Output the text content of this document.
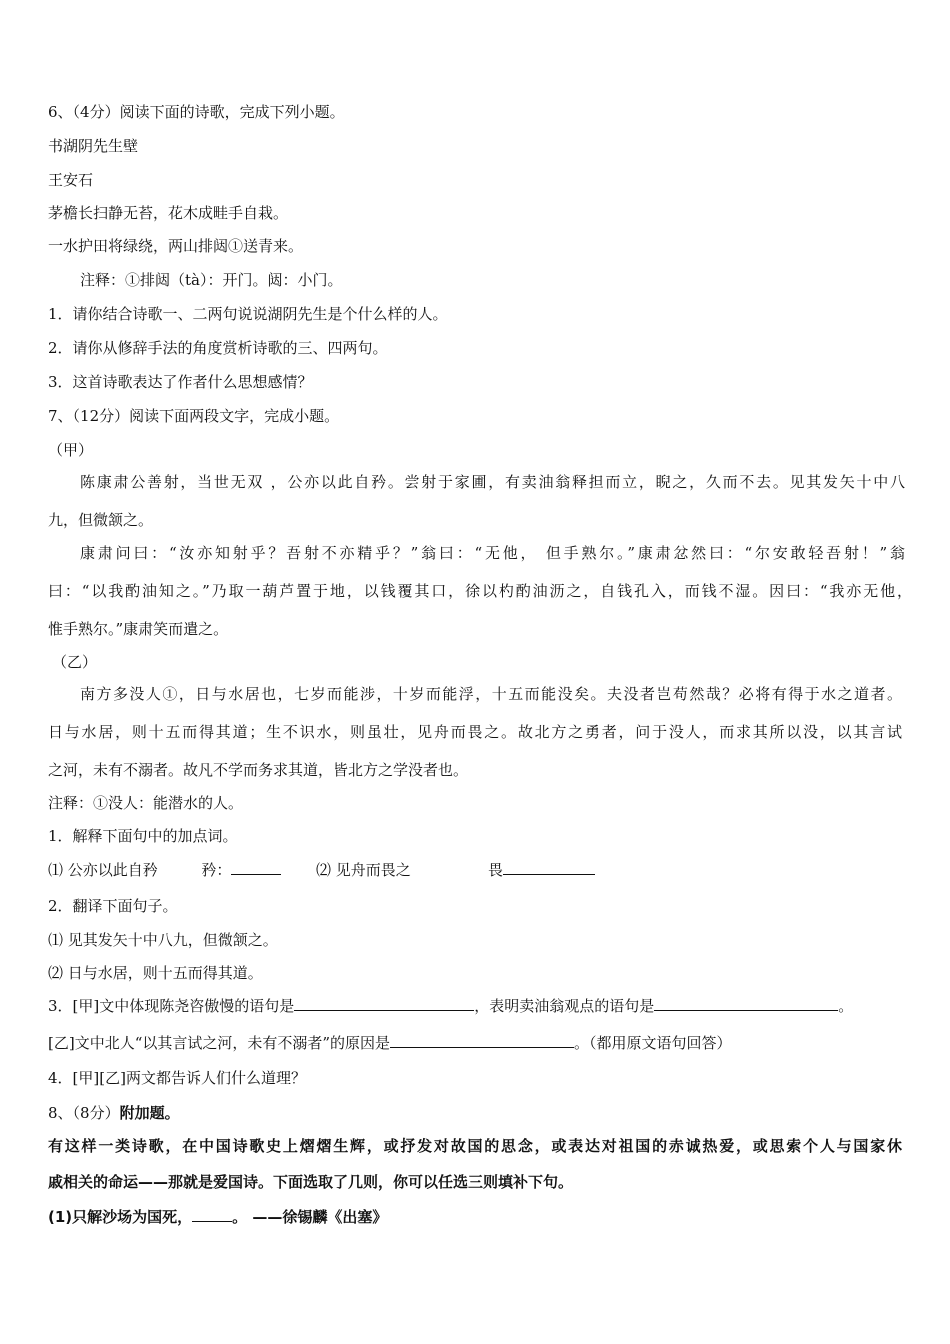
6、（4分）阅读下面的诗歌，完成下列小题。
书湖阴先生壁
王安石
茅檐长扫静无苔，花木成畦手自栽。
一水护田将绿绕，两山排闼①送青来。
注释：①排闼（tà）：开门。闼：小门。
1．请你结合诗歌一、二两句说说湖阴先生是个什么样的人。
2．请你从修辞手法的角度赏析诗歌的三、四两句。
3．这首诗歌表达了作者什么思想感情？
7、（12分）阅读下面两段文字，完成小题。
（甲）
陈康肃公善射，当世无双 ，公亦以此自矜。尝射于家圃，有卖油翁释担而立，睨之，久而不去。见其发矢十中八
九，但微颔之。
康肃问曰：“汝亦知射乎？吾射不亦精乎？”翁曰：“无他， 但手熟尔。”康肃忿然曰：“尔安敢轻吾射！”翁
曰：“以我酌油知之。”乃取一葫芦置于地，以钱覆其口，徐以杓酌油沥之，自钱孔入，而钱不湿。因曰：“我亦无他，
惟手熟尔。”康肃笑而遣之。
（乙）
南方多没人①，日与水居也，七岁而能涉，十岁而能浮，十五而能没矣。夫没者岂苟然哉？必将有得于水之道者。
日与水居，则十五而得其道；生不识水，则虽壮，见舟而畏之。故北方之勇者，问于没人，而求其所以没，以其言试
之河，未有不溺者。故凡不学而务求其道，皆北方之学没者也。
注释：①没人：能潜水的人。
1．解释下面句中的加点词。
⑴ 公亦以此自矜	矜：	⑵ 见舟而畏之	畏
2．翻译下面句子。
⑴ 见其发矢十中八九，但微颔之。
⑵ 日与水居，则十五而得其道。
3．[甲]文中体现陈尧咨傲慢的语句是	，表明卖油翁观点的语句是	。
[乙]文中北人“以其言试之河，未有不溺者”的原因是	。（都用原文语句回答）
4．[甲][乙]两文都告诉人们什么道理？
8、（8分）附加题。
有这样一类诗歌，在中国诗歌史上熠熠生辉，或抒发对故国的思念，或表达对祖国的赤诚热爱，或思索个人与国家休
戚相关的命运——那就是爱国诗。下面选取了几则，你可以任选三则填补下句。
(1)只解沙场为国死，	。 ——徐锡麟《出塞》
